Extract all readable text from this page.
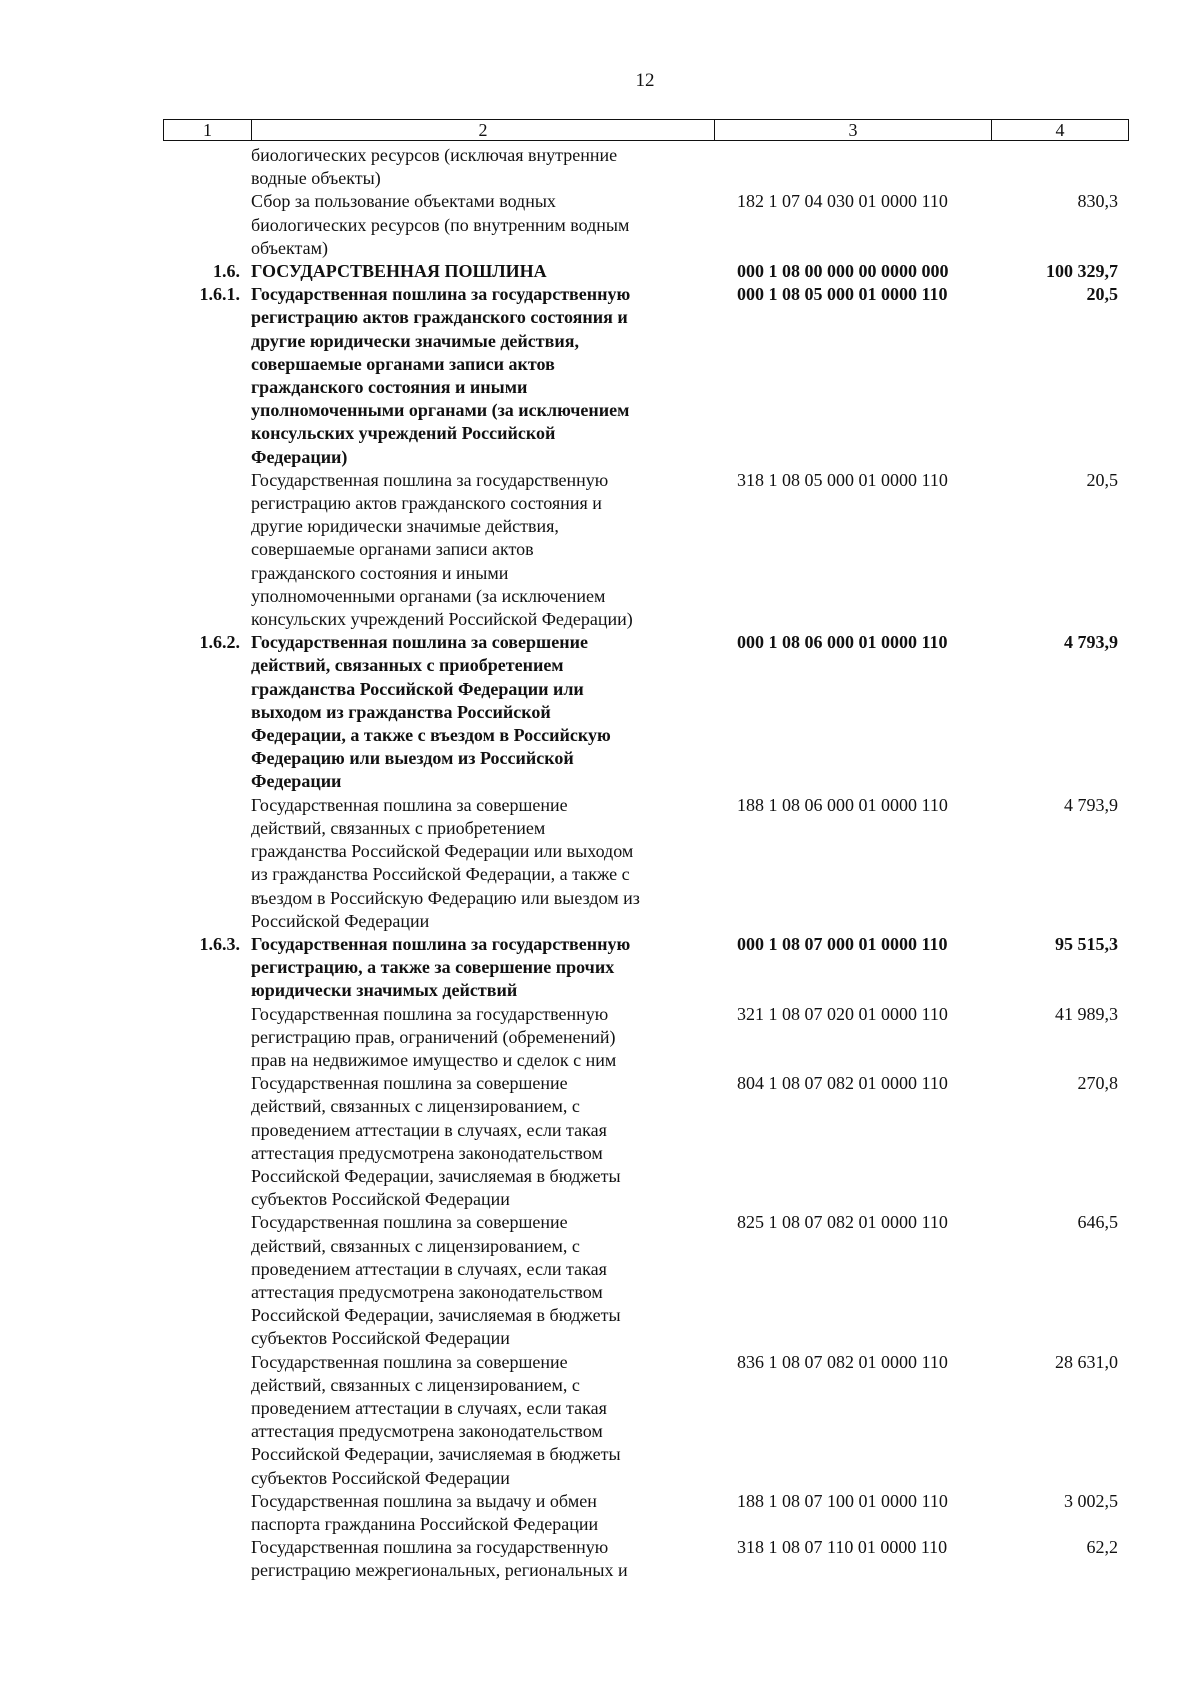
12
1	2	3	4
биологических ресурсов (исключая внутренние
водные объекты)
Сбор за пользование объектами водных
биологических ресурсов (по внутренним водным
объектам)
182 1 07 04 030 01 0000 110	830,3
1.6. ГОСУДАРСТВЕННАЯ ПОШЛИНА	000 1 08 00 000 00 0000 000	100 329,7
1.6.1. Государственная пошлина за государственную
регистрацию актов гражданского состояния и
другие юридически значимые действия,
совершаемые органами записи актов
гражданского состояния и иными
уполномоченными органами (за исключением
консульских учреждений Российской
Федерации)
000 1 08 05 000 01 0000 110	20,5
Государственная пошлина за государственную
регистрацию актов гражданского состояния и
другие юридически значимые действия,
совершаемые органами записи актов
гражданского состояния и иными
уполномоченными органами (за исключением
консульских учреждений Российской Федерации)
318 1 08 05 000 01 0000 110	20,5
1.6.2. Государственная пошлина за совершение
действий, связанных с приобретением
гражданства Российской Федерации или
выходом из гражданства Российской
Федерации, а также с въездом в Российскую
Федерацию или выездом из Российской
Федерации
000 1 08 06 000 01 0000 110	4 793,9
Государственная пошлина за совершение
действий, связанных с приобретением
гражданства Российской Федерации или выходом
из гражданства Российской Федерации, а также с
въездом в Российскую Федерацию или выездом из
Российской Федерации
188 1 08 06 000 01 0000 110	4 793,9
1.6.3. Государственная пошлина за государственную
регистрацию, а также за совершение прочих
юридически значимых действий
000 1 08 07 000 01 0000 110	95 515,3
Государственная пошлина за государственную
регистрацию прав, ограничений (обременений)
прав на недвижимое имущество и сделок с ним
321 1 08 07 020 01 0000 110	41 989,3
Государственная пошлина за совершение
действий, связанных с лицензированием, с
проведением аттестации в случаях, если такая
аттестация предусмотрена законодательством
Российской Федерации, зачисляемая в бюджеты
субъектов Российской Федерации
804 1 08 07 082 01 0000 110	270,8
Государственная пошлина за совершение
действий, связанных с лицензированием, с
проведением аттестации в случаях, если такая
аттестация предусмотрена законодательством
Российской Федерации, зачисляемая в бюджеты
субъектов Российской Федерации
825 1 08 07 082 01 0000 110	646,5
Государственная пошлина за совершение
действий, связанных с лицензированием, с
проведением аттестации в случаях, если такая
аттестация предусмотрена законодательством
Российской Федерации, зачисляемая в бюджеты
субъектов Российской Федерации
836 1 08 07 082 01 0000 110	28 631,0
Государственная пошлина за выдачу и обмен
паспорта гражданина Российской Федерации
188 1 08 07 100 01 0000 110	3 002,5
Государственная пошлина за государственную
регистрацию межрегиональных, региональных и
318 1 08 07 110 01 0000 110	62,2
